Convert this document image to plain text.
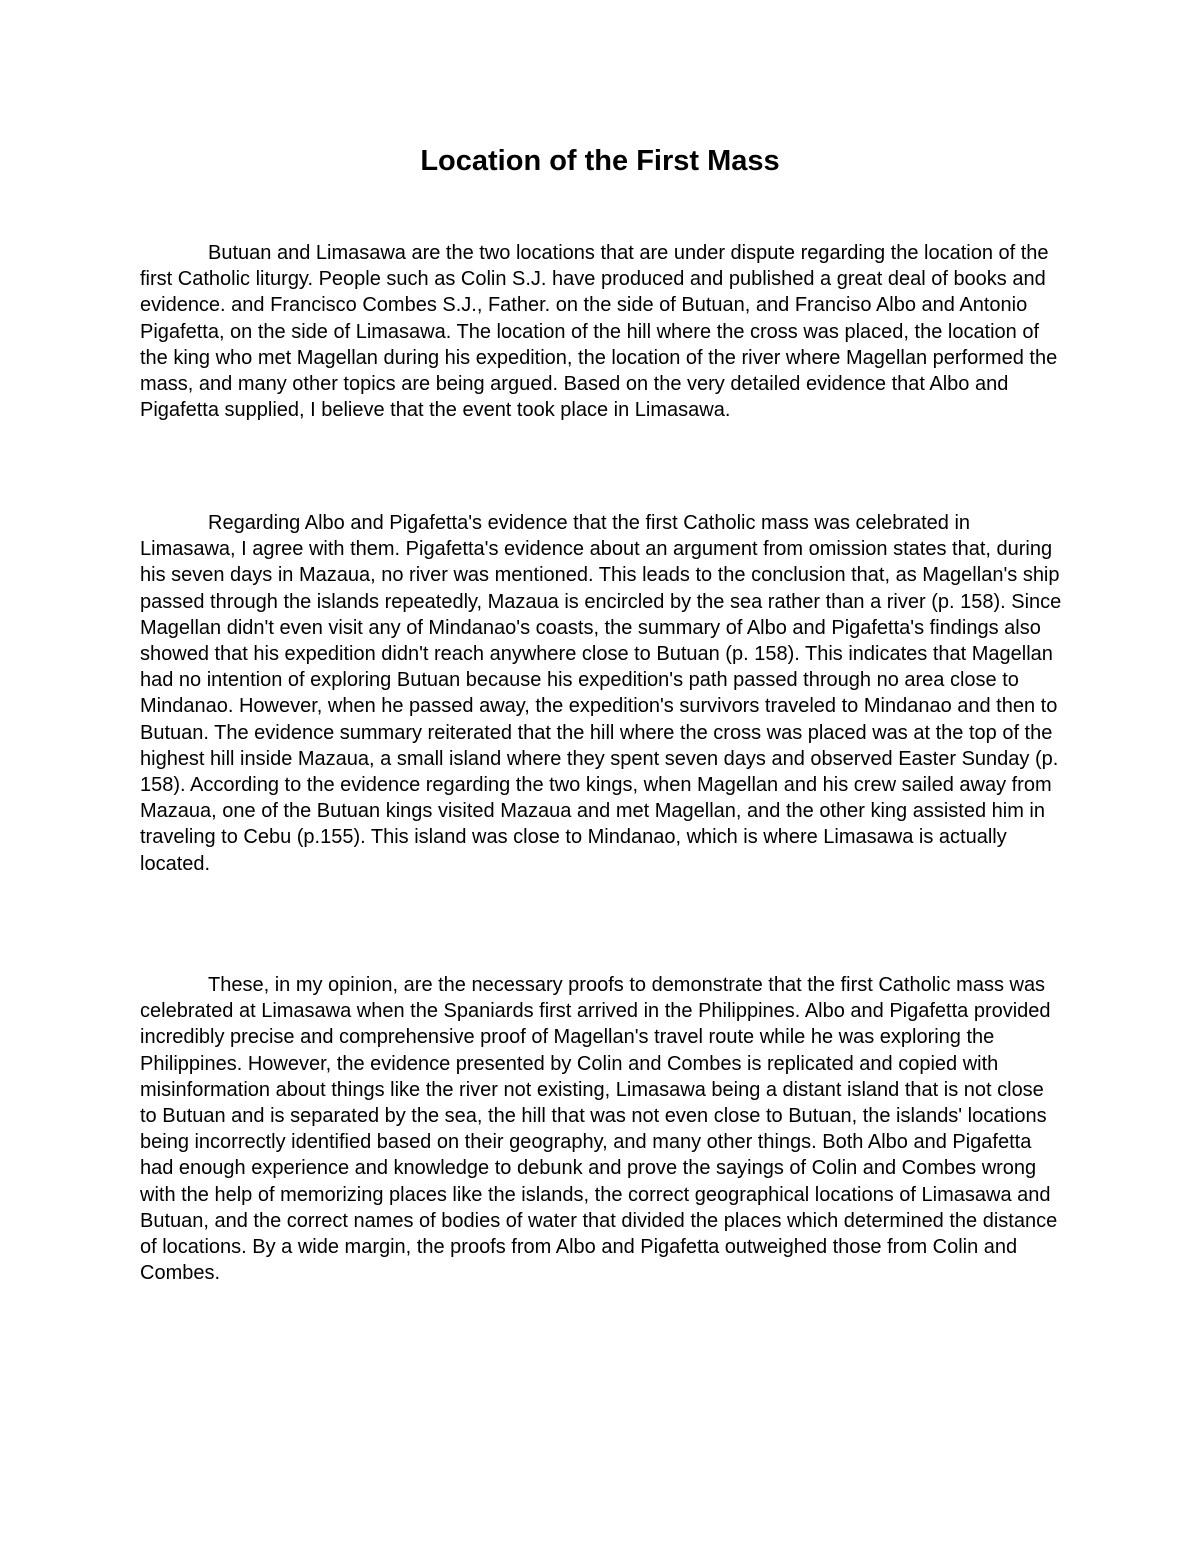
Location of the First Mass

Butuan and Limasawa are the two locations that are under dispute regarding the location of the first Catholic liturgy. People such as Colin S.J. have produced and published a great deal of books and evidence. and Francisco Combes S.J., Father. on the side of Butuan, and Franciso Albo and Antonio Pigafetta, on the side of Limasawa. The location of the hill where the cross was placed, the location of the king who met Magellan during his expedition, the location of the river where Magellan performed the mass, and many other topics are being argued. Based on the very detailed evidence that Albo and Pigafetta supplied, I believe that the event took place in Limasawa.

Regarding Albo and Pigafetta's evidence that the first Catholic mass was celebrated in Limasawa, I agree with them. Pigafetta's evidence about an argument from omission states that, during his seven days in Mazaua, no river was mentioned. This leads to the conclusion that, as Magellan's ship passed through the islands repeatedly, Mazaua is encircled by the sea rather than a river (p. 158). Since Magellan didn't even visit any of Mindanao's coasts, the summary of Albo and Pigafetta's findings also showed that his expedition didn't reach anywhere close to Butuan (p. 158). This indicates that Magellan had no intention of exploring Butuan because his expedition's path passed through no area close to Mindanao. However, when he passed away, the expedition's survivors traveled to Mindanao and then to Butuan. The evidence summary reiterated that the hill where the cross was placed was at the top of the highest hill inside Mazaua, a small island where they spent seven days and observed Easter Sunday (p. 158). According to the evidence regarding the two kings, when Magellan and his crew sailed away from Mazaua, one of the Butuan kings visited Mazaua and met Magellan, and the other king assisted him in traveling to Cebu (p.155). This island was close to Mindanao, which is where Limasawa is actually located.

These, in my opinion, are the necessary proofs to demonstrate that the first Catholic mass was celebrated at Limasawa when the Spaniards first arrived in the Philippines. Albo and Pigafetta provided incredibly precise and comprehensive proof of Magellan's travel route while he was exploring the Philippines. However, the evidence presented by Colin and Combes is replicated and copied with misinformation about things like the river not existing, Limasawa being a distant island that is not close to Butuan and is separated by the sea, the hill that was not even close to Butuan, the islands' locations being incorrectly identified based on their geography, and many other things. Both Albo and Pigafetta had enough experience and knowledge to debunk and prove the sayings of Colin and Combes wrong with the help of memorizing places like the islands, the correct geographical locations of Limasawa and Butuan, and the correct names of bodies of water that divided the places which determined the distance of locations. By a wide margin, the proofs from Albo and Pigafetta outweighed those from Colin and Combes.
